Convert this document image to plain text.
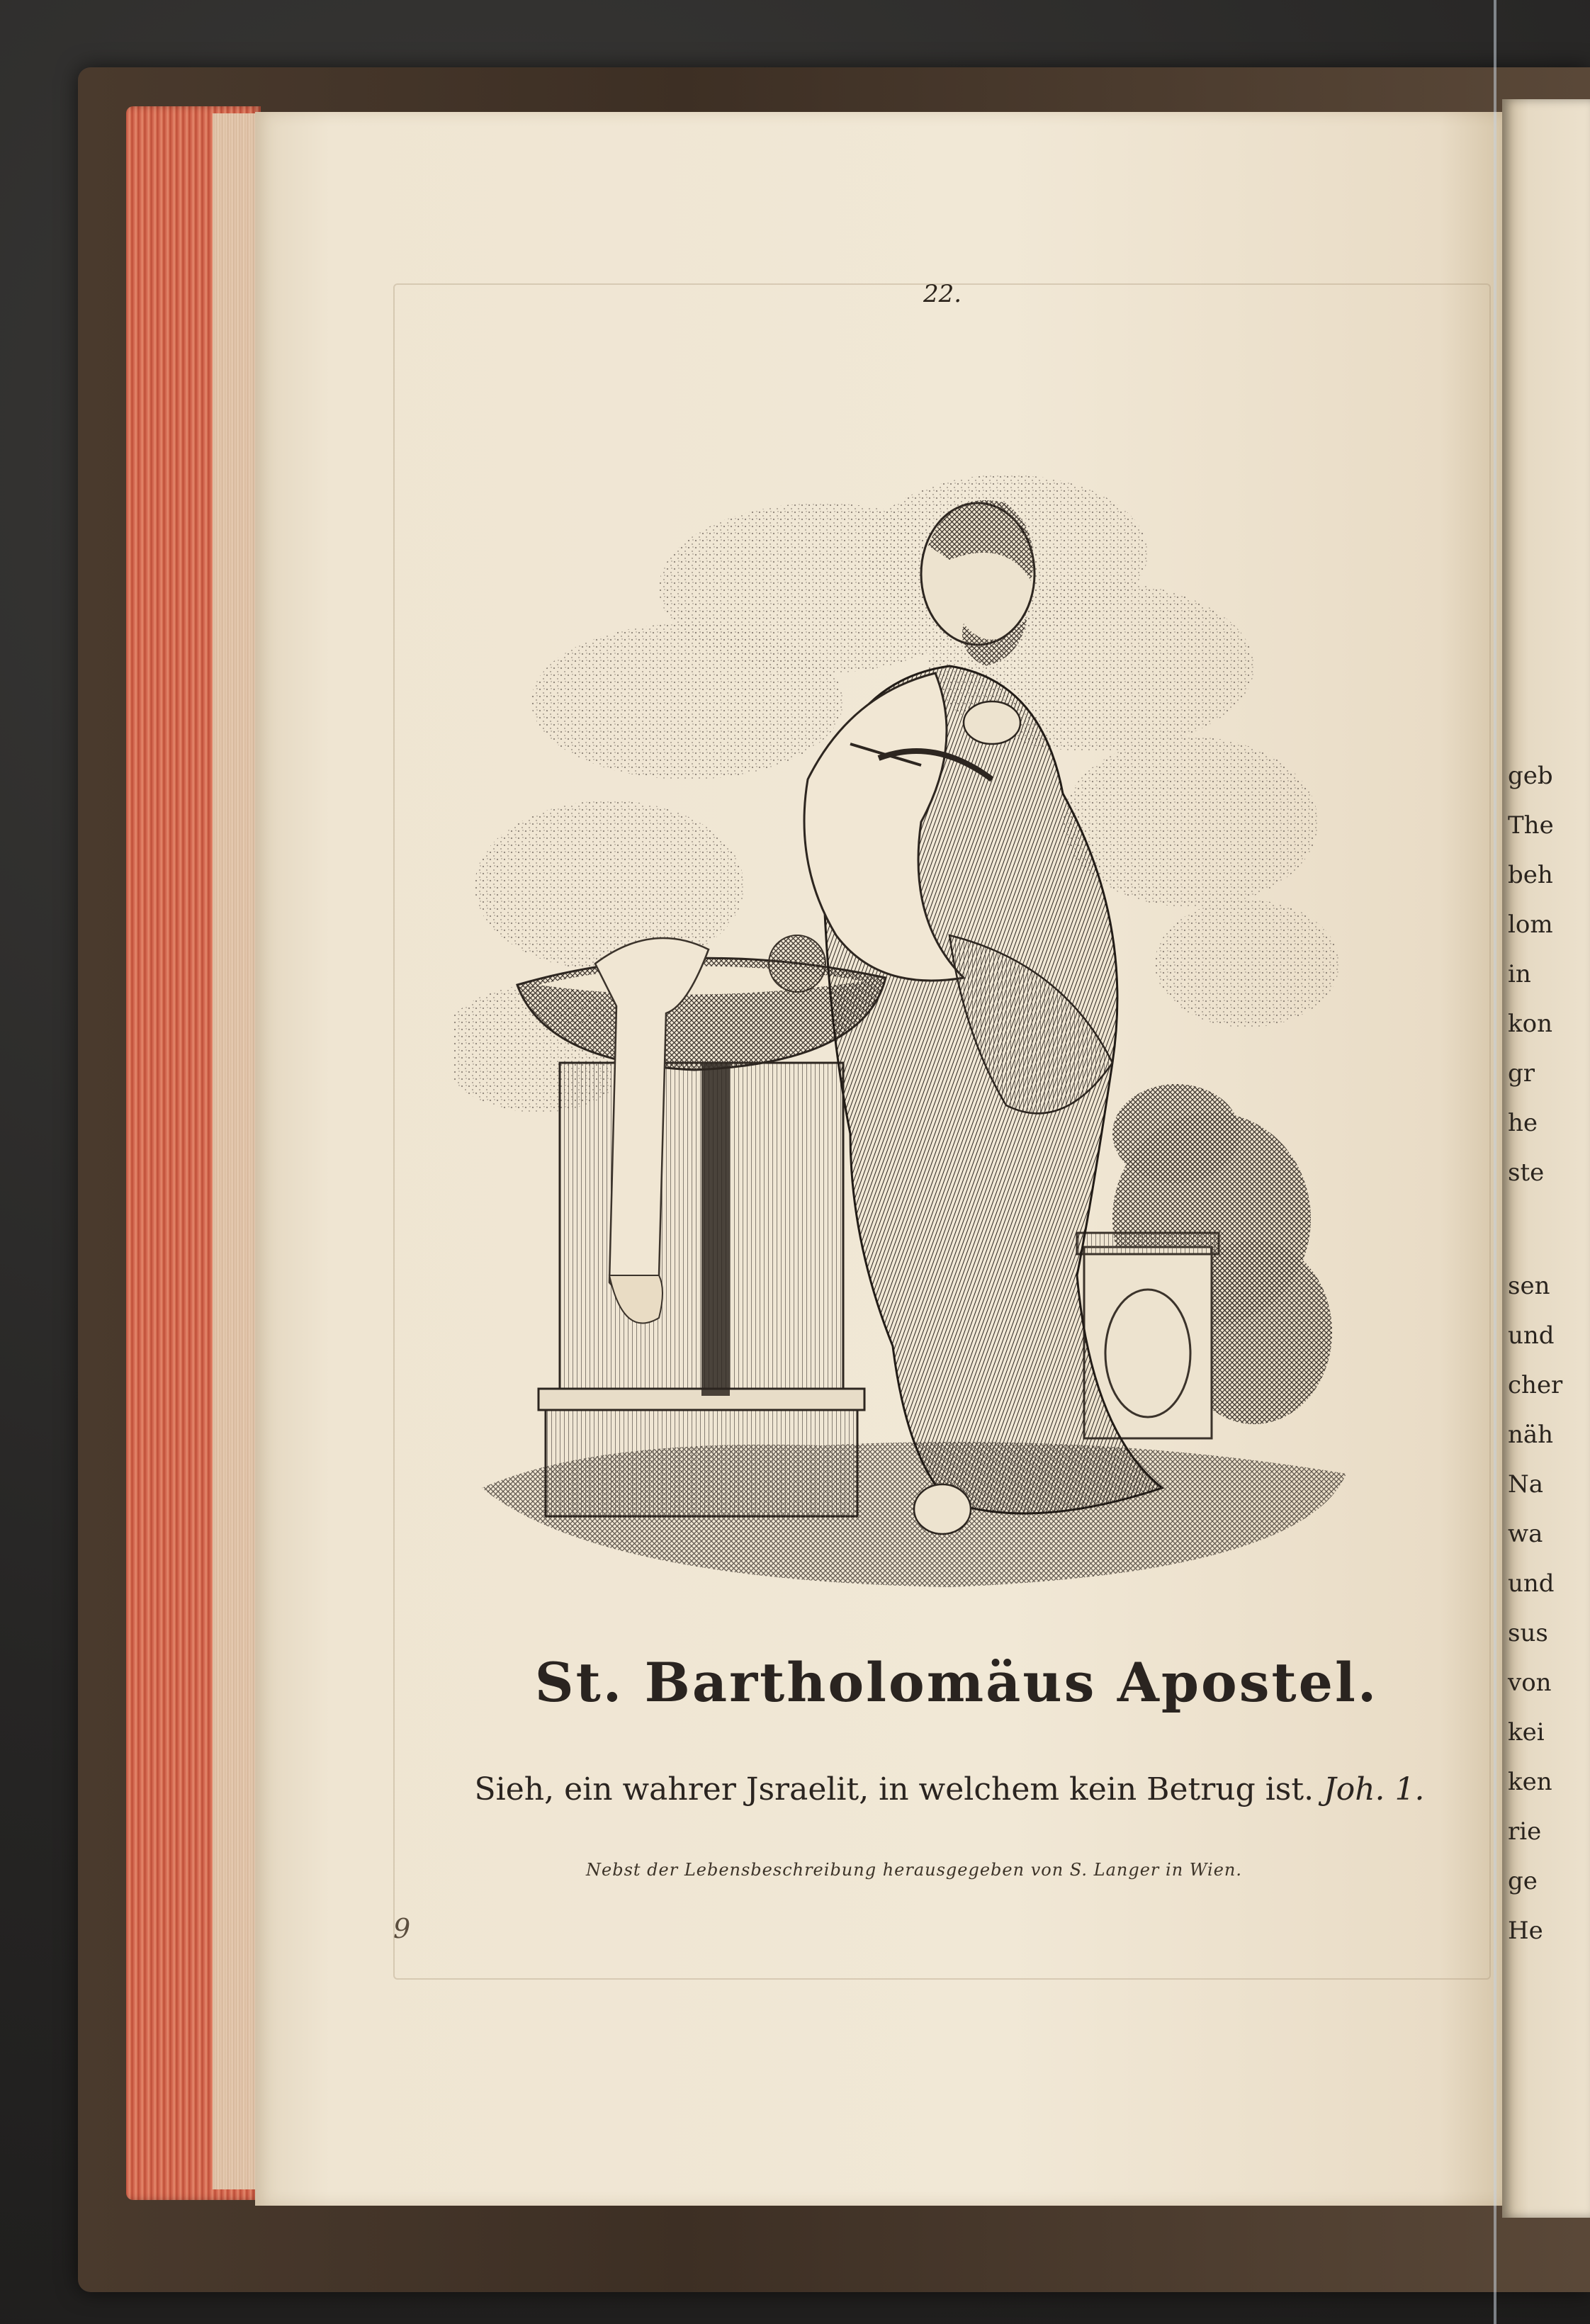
22.
St. Bartholomäus Apostel.
Sieh, ein wahrer Jsraelit, in welchem kein Betrug ist. Joh. 1.
Nebst der Lebensbeschreibung herausgegeben von S. Langer in Wien.
9
geb
The
beh
lom
in
kon
gr
he
ste
sen
und
cher
näh
Na
wa
und
sus
von
kei
ken
rie
ge
He
